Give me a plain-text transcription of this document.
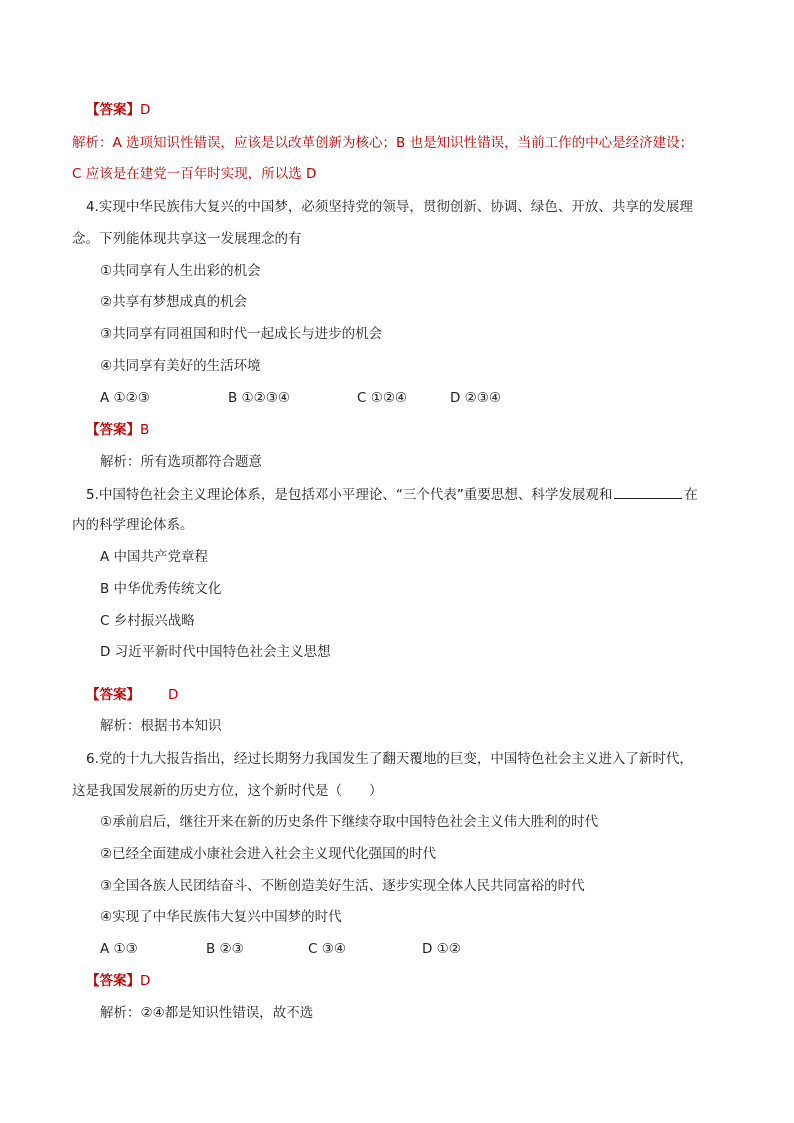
【答案】D
解析：A 选项知识性错误，应该是以改革创新为核心；B 也是知识性错误，当前工作的中心是经济建设；
C 应该是在建党一百年时实现，所以选 D
4.实现中华民族伟大复兴的中国梦，必须坚持党的领导，贯彻创新、协调、绿色、开放、共享的发展理
念。下列能体现共享这一发展理念的有
①共同享有人生出彩的机会
②共享有梦想成真的机会
③共同享有同祖国和时代一起成长与进步的机会
④共同享有美好的生活环境
A ①②③	B ①②③④	C ①②④	D ②③④
【答案】B
解析：所有选项都符合题意
5.中国特色社会主义理论体系，是包括邓小平理论、“三个代表”重要思想、科学发展观和	在
内的科学理论体系。
A 中国共产党章程
B 中华优秀传统文化
C 乡村振兴战略
D 习近平新时代中国特色社会主义思想
【答案】 D
解析：根据书本知识
6.党的十九大报告指出，经过长期努力我国发生了翻天覆地的巨变，中国特色社会主义进入了新时代，
这是我国发展新的历史方位，这个新时代是（　　）
①承前启后，继往开来在新的历史条件下继续夺取中国特色社会主义伟大胜利的时代
②已经全面建成小康社会进入社会主义现代化强国的时代
③全国各族人民团结奋斗、不断创造美好生活、逐步实现全体人民共同富裕的时代
④实现了中华民族伟大复兴中国梦的时代
A ①③	B ②③	C ③④	D ①②
【答案】D
解析：②④都是知识性错误，故不选
